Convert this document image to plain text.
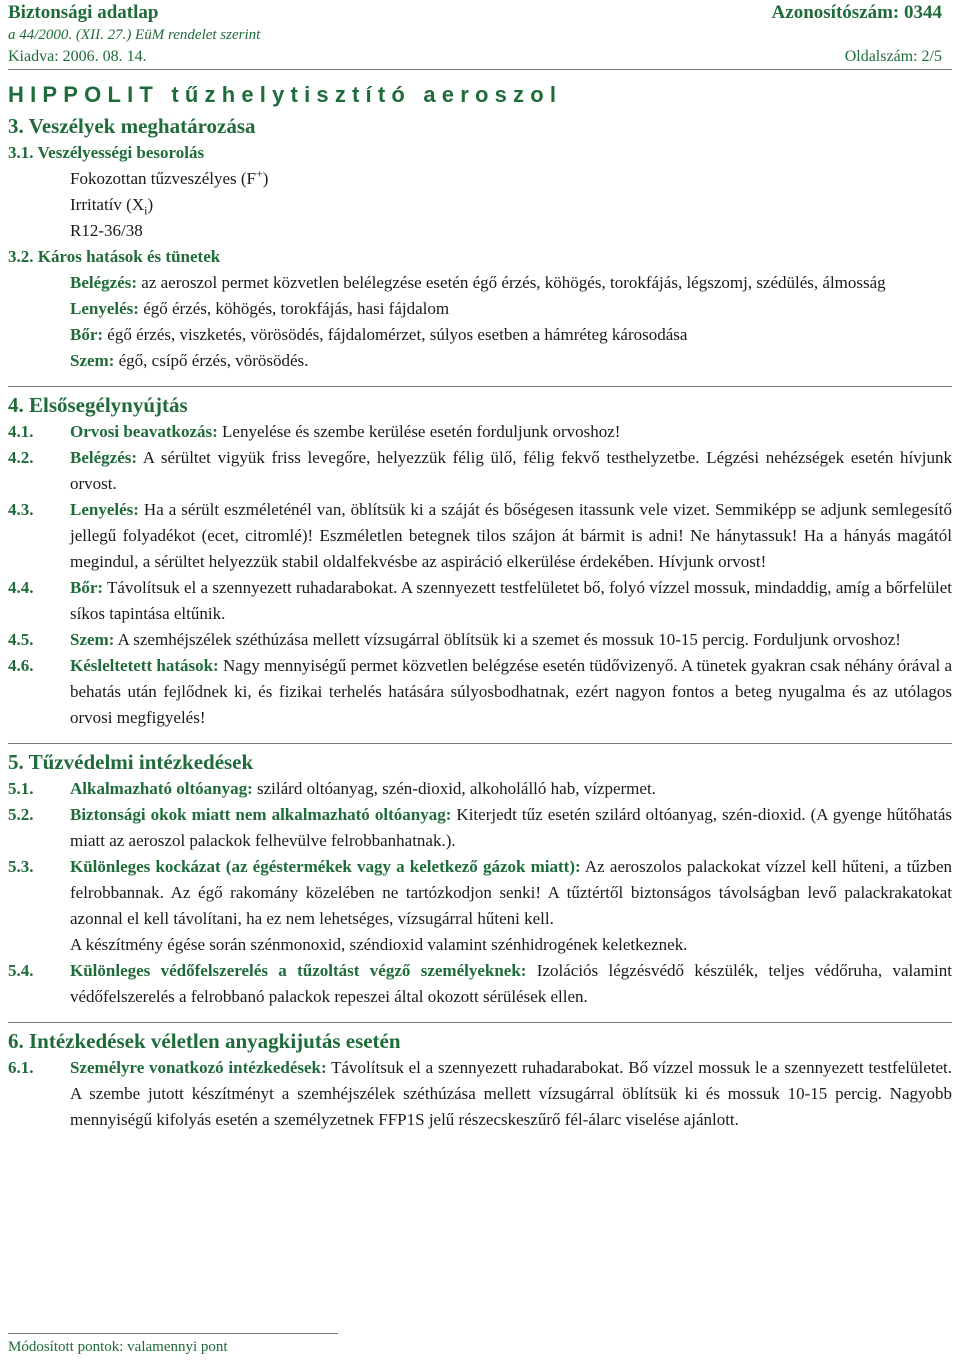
Biztonsági adatlap	Azonosítószám: 0344
a 44/2000. (XII. 27.) EüM rendelet szerint
Kiadva: 2006. 08. 14.	Oldalszám: 2/5
HIPPOLIT tűzhelytisztító aeroszol
3. Veszélyek meghatározása
3.1. Veszélyességi besorolás
Fokozottan tűzveszélyes (F+)
Irritatív $(X_i)$
R12-36/38
3.2. Káros hatások és tünetek
Belégzés: az aeroszol permet közvetlen belélegzése esetén égő érzés, köhögés, torokfájás, légszomj, szédülés, álmosság
Lenyelés: égő érzés, köhögés, torokfájás, hasi fájdalom
Bőr: égő érzés, viszketés, vörösödés, fájdalomérzet, súlyos esetben a hámréteg károsodása
Szem: égő, csípő érzés, vörösödés.
4. Elsősegélynyújtás
4.1. Orvosi beavatkozás: Lenyelése és szembe kerülése esetén forduljunk orvoshoz!
4.2. Belégzés: A sérültet vigyük friss levegőre, helyezzük félig ülő, félig fekvő testhelyzetbe. Légzési nehézségek esetén hívjunk orvost.
4.3. Lenyelés: Ha a sérült eszméleténél van, öblítsük ki a száját és bőségesen itassunk vele vizet. Semmiképp se adjunk semlegesítő jellegű folyadékot (ecet, citromlé)! Eszméletlen betegnek tilos szájon át bármit is adni! Ne hánytassuk! Ha a hányás magától megindul, a sérültet helyezzük stabil oldalfekvésbe az aspiráció elkerülése érdekében. Hívjunk orvost!
4.4. Bőr: Távolítsuk el a szennyezett ruhadarabokat. A szennyezett testfelületet bő, folyó vízzel mossuk, mindaddig, amíg a bőrfelület síkos tapintása eltűnik.
4.5. Szem: A szemhéjszélek széthúzása mellett vízsugárral öblítsük ki a szemet és mossuk 10-15 percig. Forduljunk orvoshoz!
4.6. Késleltetett hatások: Nagy mennyiségű permet közvetlen belégzése esetén tüdővizenyő. A tünetek gyakran csak néhány órával a behatás után fejlődnek ki, és fizikai terhelés hatására súlyosbodhatnak, ezért nagyon fontos a beteg nyugalma és az utólagos orvosi megfigyelés!
5. Tűzvédelmi intézkedések
5.1. Alkalmazható oltóanyag: szilárd oltóanyag, szén-dioxid, alkoholálló hab, vízpermet.
5.2. Biztonsági okok miatt nem alkalmazható oltóanyag: Kiterjedt tűz esetén szilárd oltóanyag, szén-dioxid. (A gyenge hűtőhatás miatt az aeroszol palackok felhevülve felrobbanhatnak.).
5.3. Különleges kockázat (az égéstermékek vagy a keletkező gázok miatt): Az aeroszolos palackokat vízzel kell hűteni, a tűzben felrobbannak. Az égő rakomány közelében ne tartózkodjon senki! A tűztértől biztonságos távolságban levő palackrakatokat azonnal el kell távolítani, ha ez nem lehetséges, vízsugárral hűteni kell.
A készítmény égése során szénmonoxid, széndioxid valamint szénhidrogének keletkeznek.
5.4. Különleges védőfelszerelés a tűzoltást végző személyeknek: Izolációs légzésvédő készülék, teljes védőruha, valamint védőfelszerelés a felrobbanó palackok repeszei által okozott sérülések ellen.
6. Intézkedések véletlen anyagkijutás esetén
6.1. Személyre vonatkozó intézkedések: Távolítsuk el a szennyezett ruhadarabokat. Bő vízzel mossuk le a szennyezett testfelületet. A szembe jutott készítményt a szemhéjszélek széthúzása mellett vízsugárral öblítsük ki és mossuk 10-15 percig. Nagyobb mennyiségű kifolyás esetén a személyzetnek FFP1S jelű részecskeszűrő fél-álarc viselése ajánlott.
Módosított pontok: valamennyi pont
